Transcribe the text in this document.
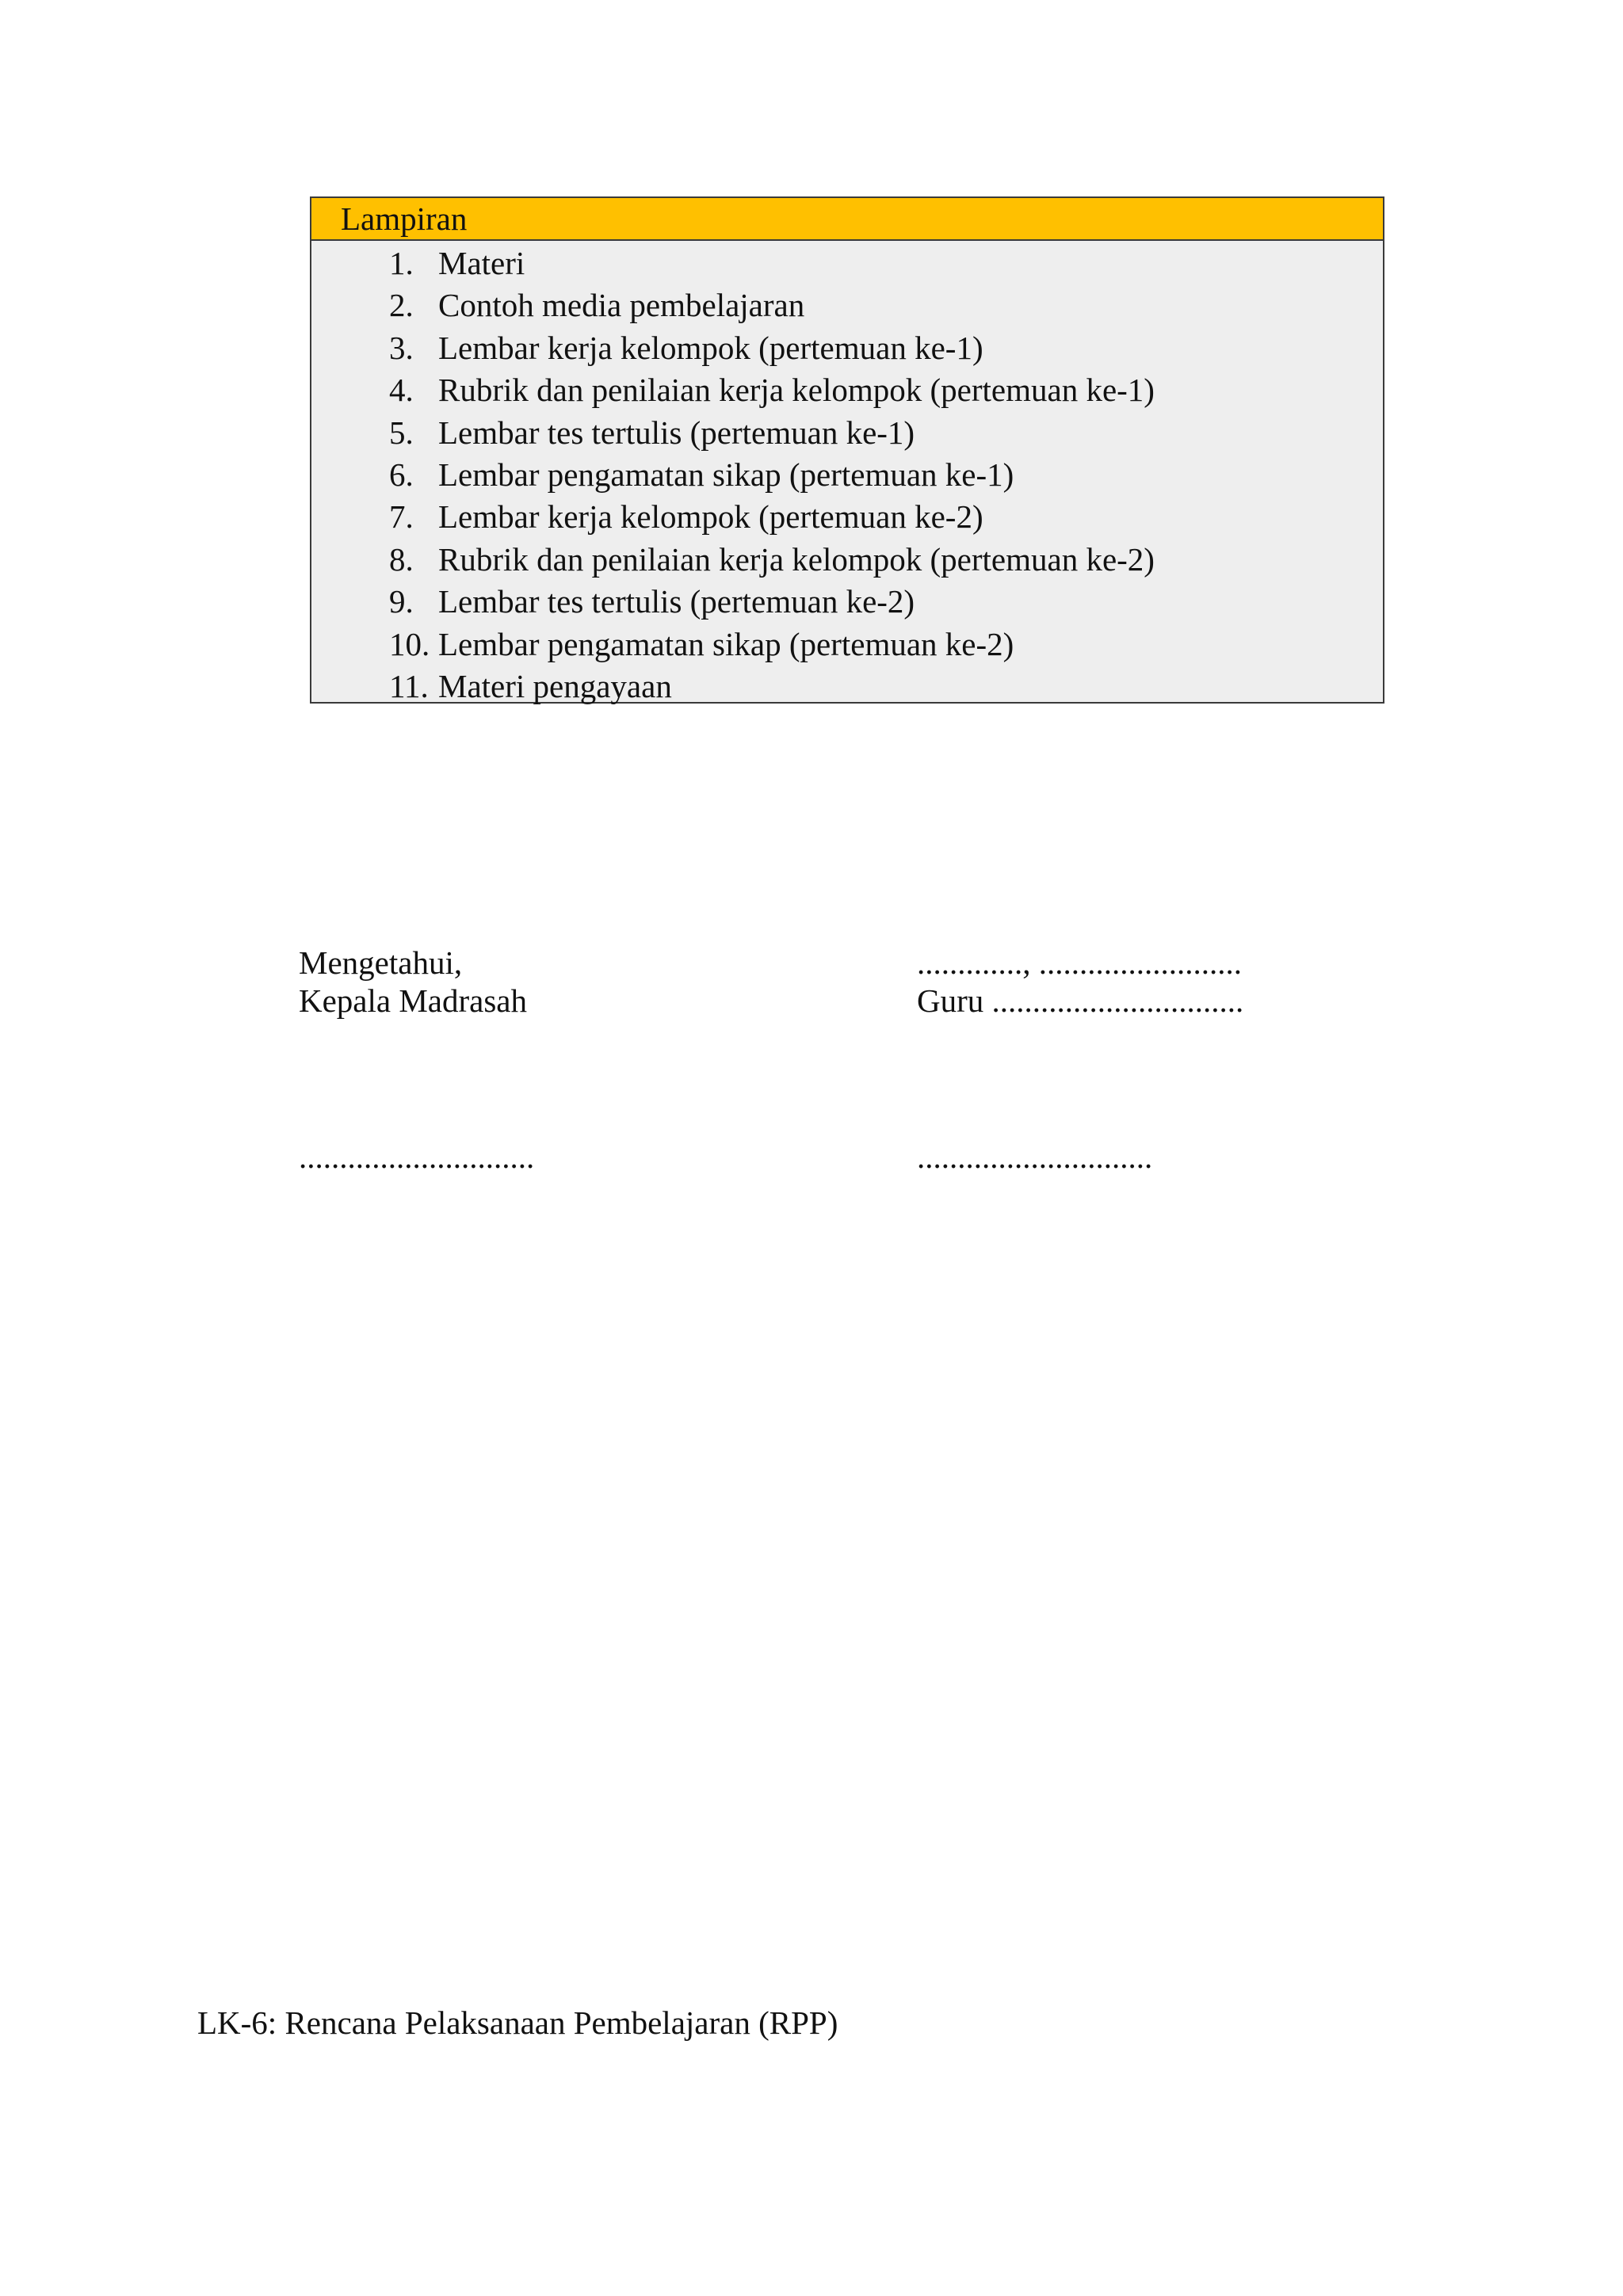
Lampiran
1. Materi
2. Contoh media pembelajaran
3. Lembar kerja kelompok (pertemuan ke-1)
4. Rubrik dan penilaian kerja kelompok (pertemuan ke-1)
5. Lembar tes tertulis (pertemuan ke-1)
6. Lembar pengamatan sikap (pertemuan ke-1)
7. Lembar kerja kelompok (pertemuan ke-2)
8. Rubrik dan penilaian kerja kelompok (pertemuan ke-2)
9. Lembar tes tertulis (pertemuan ke-2)
10. Lembar pengamatan sikap (pertemuan ke-2)
11. Materi pengayaan
Mengetahui,
Kepala Madrasah
.............................
............., .........................
Guru ...............................
.............................
LK-6: Rencana Pelaksanaan Pembelajaran (RPP)
